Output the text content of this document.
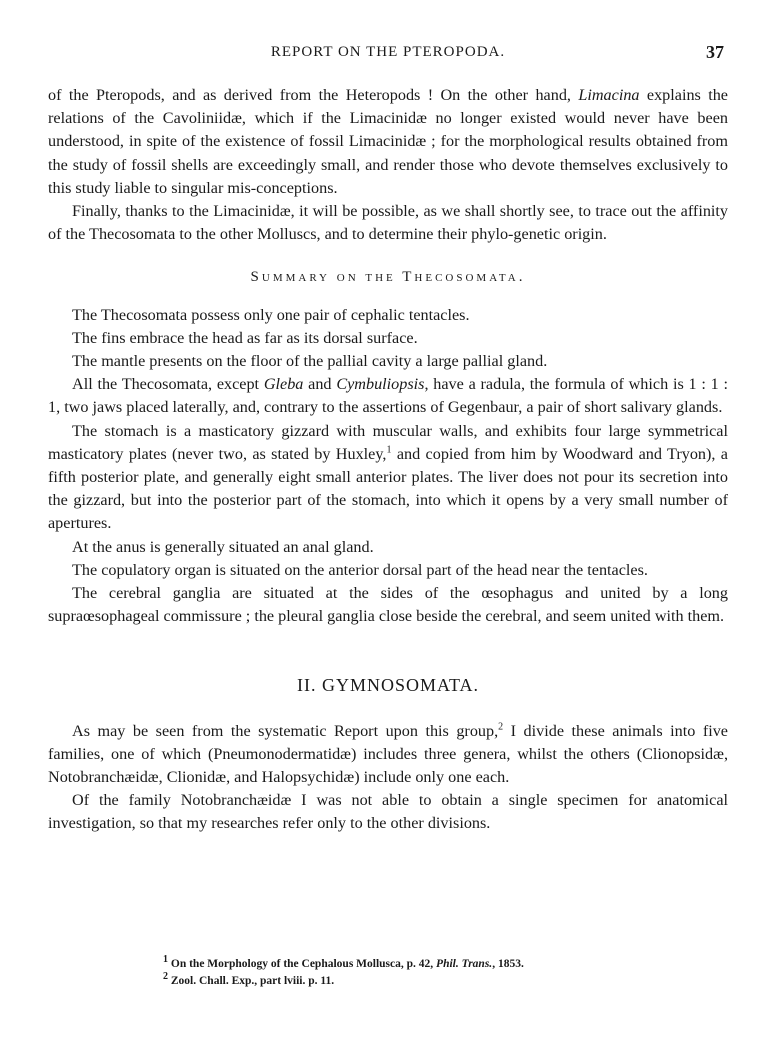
REPORT ON THE PTEROPODA.	37

of the Pteropods, and as derived from the Heteropods ! On the other hand, Limacina explains the relations of the Cavoliniidæ, which if the Limacinidæ no longer existed would never have been understood, in spite of the existence of fossil Limacinidæ ; for the morphological results obtained from the study of fossil shells are exceedingly small, and render those who devote themselves exclusively to this study liable to singular mis-conceptions.

Finally, thanks to the Limacinidæ, it will be possible, as we shall shortly see, to trace out the affinity of the Thecosomata to the other Molluscs, and to determine their phylo-genetic origin.

Summary on the Thecosomata.

The Thecosomata possess only one pair of cephalic tentacles.

The fins embrace the head as far as its dorsal surface.

The mantle presents on the floor of the pallial cavity a large pallial gland.

All the Thecosomata, except Gleba and Cymbuliopsis, have a radula, the formula of which is 1 : 1 : 1, two jaws placed laterally, and, contrary to the assertions of Gegenbaur, a pair of short salivary glands.

The stomach is a masticatory gizzard with muscular walls, and exhibits four large symmetrical masticatory plates (never two, as stated by Huxley,$^1$ and copied from him by Woodward and Tryon), a fifth posterior plate, and generally eight small anterior plates. The liver does not pour its secretion into the gizzard, but into the posterior part of the stomach, into which it opens by a very small number of apertures.

At the anus is generally situated an anal gland.

The copulatory organ is situated on the anterior dorsal part of the head near the tentacles.

The cerebral ganglia are situated at the sides of the œsophagus and united by a long supraœsophageal commissure ; the pleural ganglia close beside the cerebral, and seem united with them.

II. GYMNOSOMATA.

As may be seen from the systematic Report upon this group,$^2$ I divide these animals into five families, one of which (Pneumonodermatidæ) includes three genera, whilst the others (Clionopsidæ, Notobranchæidæ, Clionidæ, and Halopsychidæ) include only one each.

Of the family Notobranchæidæ I was not able to obtain a single specimen for anatomical investigation, so that my researches refer only to the other divisions.

$^1$ On the Morphology of the Cephalous Mollusca, p. 42, Phil. Trans., 1853.
$^2$ Zool. Chall. Exp., part lviii. p. 11.
